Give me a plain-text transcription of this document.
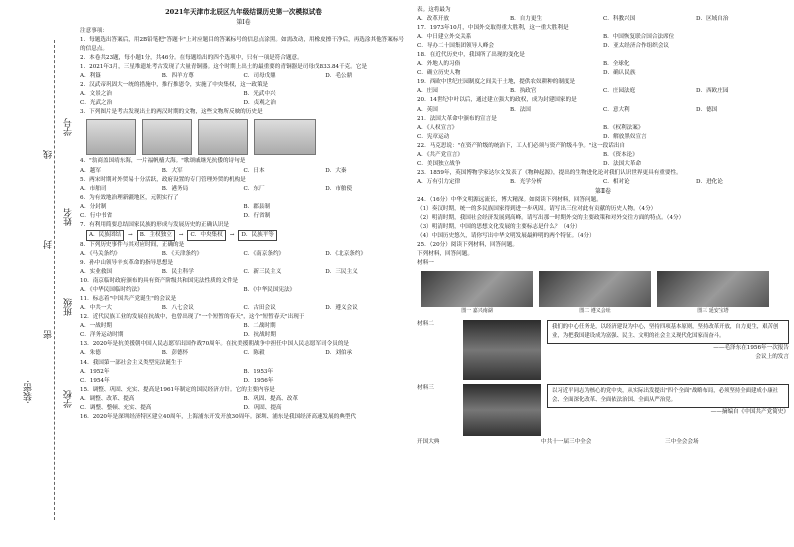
学号
姓名
班级
学校
线
封
密
·装密·
2021年天津市北辰区九年级结课历史第一次模拟试卷
第Ⅰ卷
注意事项：
1．每题选出答案后，用2B铅笔把"答题卡"上对应题目的答案标号的信息点涂黑。如需改动，用橡皮擦干净后，再选涂其他答案标号的信息点。
2．本卷共23题，每小题1分，共46分。在每题给出的四个选项中，只有一项是符合题意。
1．2021年3月，三星堆遗址考古发现了大量青铜器。这个时期上出土的最重要的青铜器是司母戊833.84千克。它是
A．利簋	B．四羊方尊	C．司母戊鼎	D．毛公鼎
2．汉武帝巩固大一统的措施中，推行推恩令，实施了中央集权，这一政策是
A．文景之治	B．光武中兴
C．光武之治	D．贞观之治
3．下列图片是考古发现出土的两汉时期的文物，这些文物所反映的历史是
4．"翁商盖国靖东海，一片福帆樯大海。"歌颂戚继光抗倭的诗句是
A．越军	B．大军	C．日本	D．大秦
5．两宋时期对外贸易十分活跃，政府设置的专门管理外贸的机构是
A．市舶司	B．港务局	C．东厂	D．市舶使
6．为有效地治理新疆地区，元朝实行了
A．分封制	B．郡县制
C．行中书省	D．行省制
7．有利用简要总结国家民族的形成与发展历史的正确认识是
A．民族团结	→	B．主权独立	→	C．中央集权	→	D．民族平等
8．下列历史事件与其对应时间，正确的是
A．《马关条约》	B．《天津条约》	C．《南京条约》	D．《北京条约》
9．孙中山领导辛亥革命的指导思想是
A．实业救国	B．民主科学	C．新三民主义	D．三民主义
10．南京临时政府颁布的具有资产阶级共和国宪法性质的文件是
A．《中华民国临时约法》	B．《中华民国宪法》
11．标志着"中国共产党诞生"的会议是
A．中共一大	B．八七会议	C．古田会议	D．遵义会议
12．近代民族工业的发展在抗战中，也曾出现了"一个短暂的春天"，这个"短暂春天"出现于
A．一战时期	B．二战时期
C．洋务运动时期	D．抗战时期
13．2020年是抗美援朝中国人民志愿军出国作战70周年。在抗美援朝战争中担任中国人民志愿军司令员的是
A．朱德	B．彭德怀	C．陈毅	D．刘伯承
14．我国第一部社会主义类型宪法诞生于
A．1952年	B．1953年
C．1954年	D．1956年
15．调整、巩固、充实、提高是1961年制定的国民经济方针。它的主要内容是
A．调整、改革、提高	B．巩固、提高、改革
C．调整、整顿、充实、提高	D．巩固、提高
16．2020年是深圳经济特区建立40周年，上海浦东开发开放30周年。深圳、浦东是我国经济高速发展的典型代
表。这将最为
A．改革开放	B．自力更生	C．科教兴国	D．区域自治
17．1973年10月，中国外交取得重大胜利，这一重大胜利是
A．中日建立外交关系	B．中国恢复联合国合法席位
C．导办二十国集团领导人峰会	D．亚太经济合作组织会议
18．在近代历史中，我国所了出现的变化是
A．外地人的习俗	B．全球化
C．确立历史人物	D．确认民族
19．西欧中世纪庄园制度之间关于土地，提供农奴耕种的制度是
A．庄园	B．执政官	C．庄园法庭	D．西欧庄园
20．14世纪中叶以后，通过建立强大的政权，成为封建国家的是
A．英国	B．法国	C．意大利	D．德国
21．法国大革命中颁布的宣言是
A．《人权宣言》	B．《权利法案》
C．宪章运动	D．解放黑奴宣言
22．马克思说："在资产阶级的统治下，工人们必须与资产阶级斗争。"这一段话出自
A．《共产党宣言》	B．《资本论》
C．美国独立战争	D．法国大革命
23．1859年，英国博物学家达尔文发表了《物种起源》，提出的生物进化论对我们认识世界更具有重要性。
A．万有引力定律	B．光学分析	C．相对论	D．进化论
第Ⅱ卷
24．（16分）中华文明源远流长，博大精深。如阅读下列材料，回答问题。
（1）奏汉时期，统一的多民族国家得到进一步巩固。请写出三位对此有贡献的历史人物。（4分）
（2）明清时期，我国社会经济发展到高峰。请写出那一时期外交的主要政策和对外交往方面的特点。（4分）
（3）明清时期，中国的思想文化发展的主要标志是什么？（4分）
（4）中国历史悠久，请你写出中华文明发展最鲜明的两个特征。（4分）
25．（20分）阅读下列材料，回答问题。
下列材料，回答问题。
材料一
图一 嘉兴南湖	图二 遵义会址	图三 延安宝塔
材料二	我们的中心任务是，以经济建设为中心，坚持四项基本原则，坚持改革开放，自力更生，艰苦创业，为把我国建设成为富强、民主、文明的社会主义现代化国家而奋斗。
——毛泽东在1956年一次报告
会议上的发言
材料三	以习近平同志为核心的党中央，从实际出发提出"四个全面"战略布局，必须坚持全面建成小康社会、全面深化改革、全面依法治国、全面从严治党。
——摘编自《中国共产党简史》
开国大典	中共十一届三中全会	三中全会会场
